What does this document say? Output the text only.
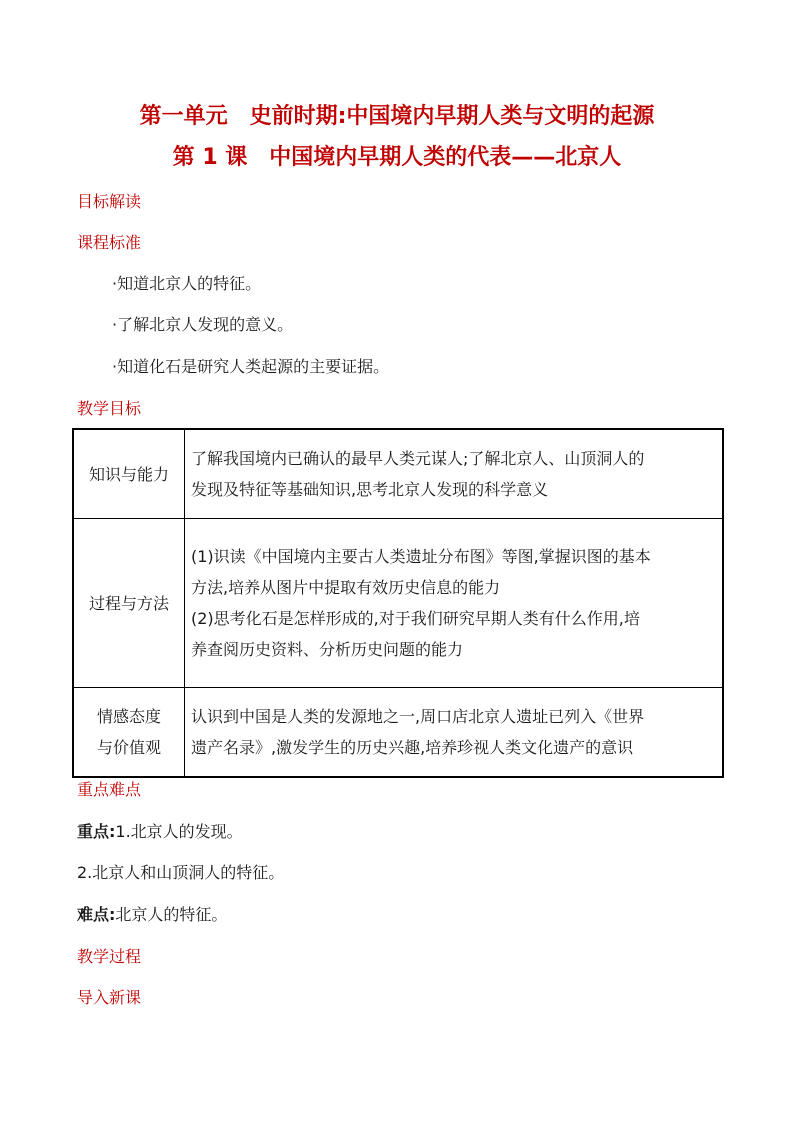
第一单元　史前时期:中国境内早期人类与文明的起源
第 1 课　中国境内早期人类的代表——北京人
目标解读
课程标准
·知道北京人的特征。
·了解北京人发现的意义。
·知道化石是研究人类起源的主要证据。
教学目标
知识与能力	了解我国境内已确认的最早人类元谋人;了解北京人、山顶洞人的
发现及特征等基础知识,思考北京人发现的科学意义

过程与方法	(1)识读《中国境内主要古人类遗址分布图》等图,掌握识图的基本
方法,培养从图片中提取有效历史信息的能力
(2)思考化石是怎样形成的,对于我们研究早期人类有什么作用,培
养查阅历史资料、分析历史问题的能力

情感态度
与价值观	认识到中国是人类的发源地之一,周口店北京人遗址已列入《世界
遗产名录》,激发学生的历史兴趣,培养珍视人类文化遗产的意识
重点难点
重点:1.北京人的发现。
2.北京人和山顶洞人的特征。
难点:北京人的特征。
教学过程
导入新课
